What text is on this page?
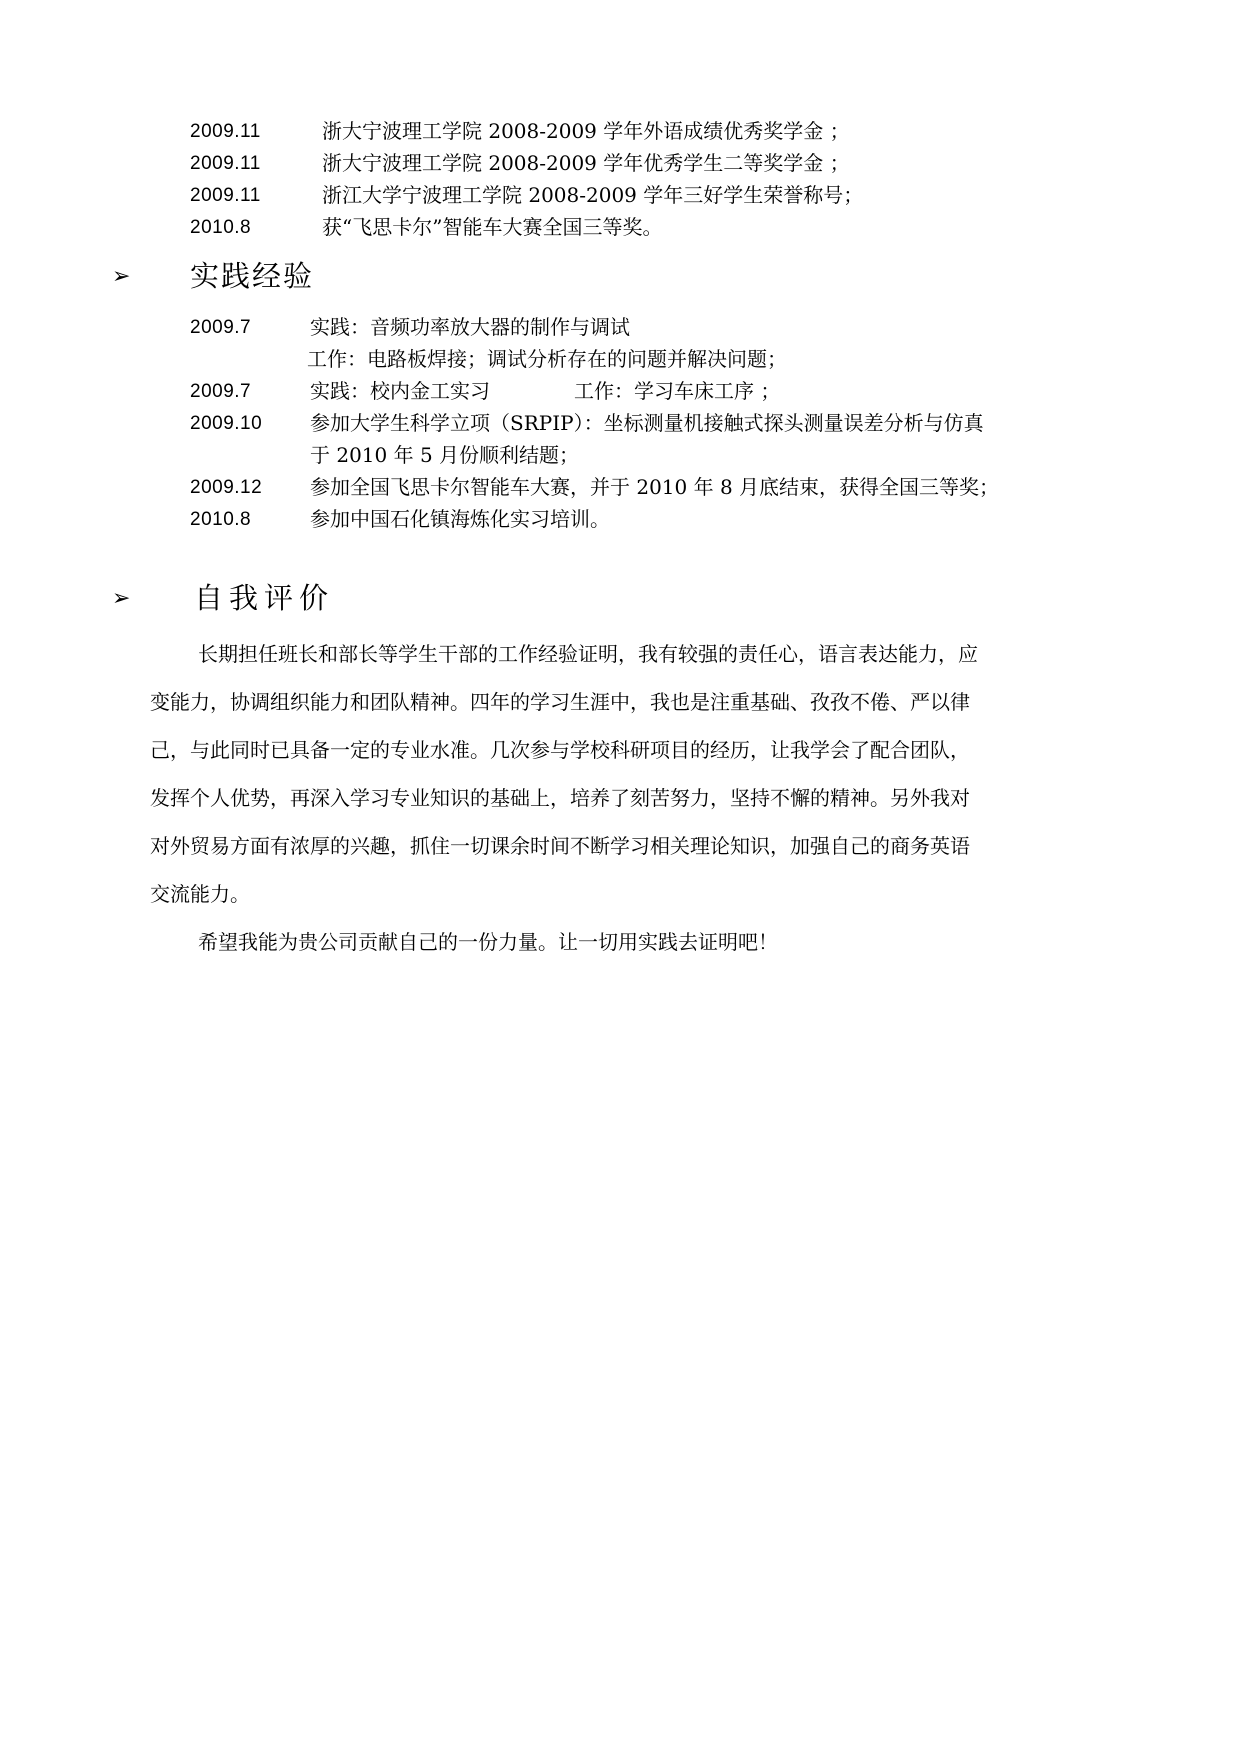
2009.11	浙大宁波理工学院 2008-2009 学年外语成绩优秀奖学金 ；
2009.11	浙大宁波理工学院 2008-2009 学年优秀学生二等奖学金 ；
2009.11	浙江大学宁波理工学院 2008-2009 学年三好学生荣誉称号；
2010.8	获“飞思卡尔”智能车大赛全国三等奖。
➢ 实践经验
2009.7	实践：音频功率放大器的制作与调试
工作：电路板焊接；调试分析存在的问题并解决问题；
2009.7	实践：校内金工实习	工作：学习车床工序 ；
2009.10 参加大学生科学立项（SRPIP）：坐标测量机接触式探头测量误差分析与仿真
于 2010 年 5 月份顺利结题；
2009.12 参加全国飞思卡尔智能车大赛，并于 2010 年 8 月底结束，获得全国三等奖；
2010.8	参加中国石化镇海炼化实习培训。
➢ 自我评价
长期担任班长和部长等学生干部的工作经验证明，我有较强的责任心，语言表达能力，应
变能力，协调组织能力和团队精神。四年的学习生涯中，我也是注重基础、孜孜不倦、严以律
己，与此同时已具备一定的专业水准。几次参与学校科研项目的经历，让我学会了配合团队，
发挥个人优势，再深入学习专业知识的基础上，培养了刻苦努力，坚持不懈的精神。另外我对
对外贸易方面有浓厚的兴趣，抓住一切课余时间不断学习相关理论知识，加强自己的商务英语
交流能力。
希望我能为贵公司贡献自己的一份力量。让一切用实践去证明吧！
